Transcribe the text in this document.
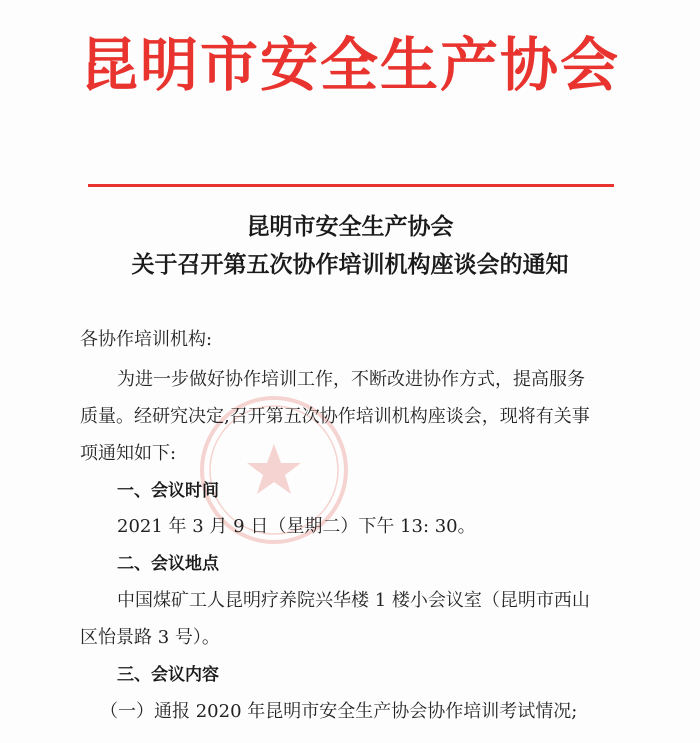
昆明市安全生产协会
昆明市安全生产协会
关于召开第五次协作培训机构座谈会的通知
各协作培训机构:
为进一步做好协作培训工作，不断改进协作方式，提高服务
质量。经研究决定,召开第五次协作培训机构座谈会，现将有关事
项通知如下:
一、会议时间
2021 年 3 月 9 日（星期二）下午 13: 30。
二、会议地点
中国煤矿工人昆明疗养院兴华楼 1 楼小会议室（昆明市西山
区怡景路 3 号）。
三、会议内容
（一）通报 2020 年昆明市安全生产协会协作培训考试情况;
